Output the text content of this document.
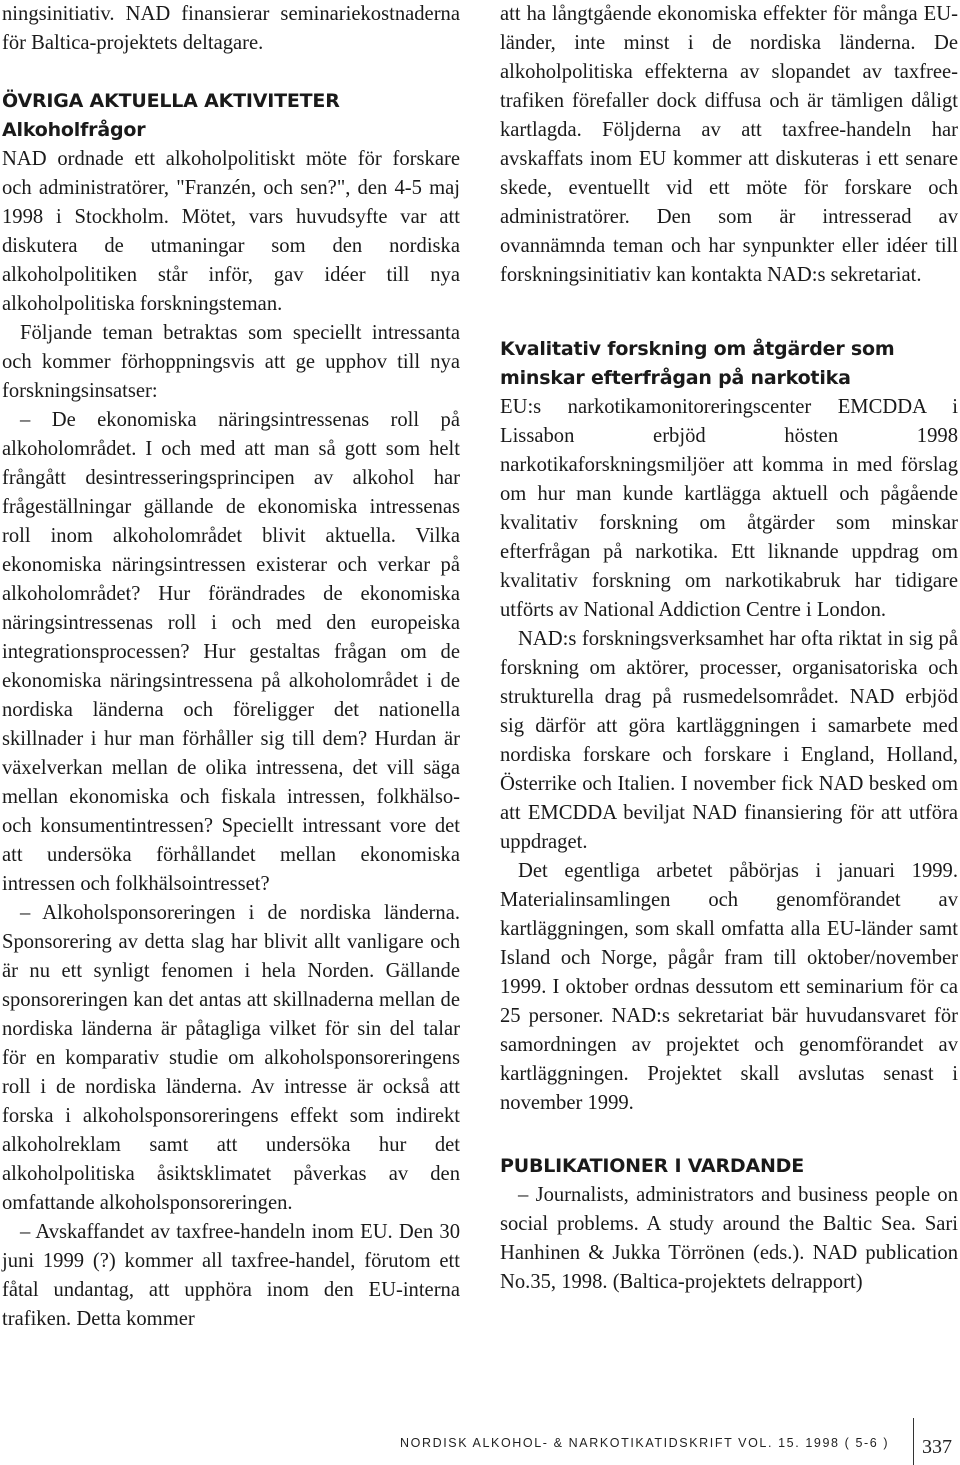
ningsinitiativ. NAD finansierar seminariekostnaderna för Baltica-projektets deltagare.

ÖVRIGA AKTUELLA AKTIVITETER

Alkoholfrågor

NAD ordnade ett alkoholpolitiskt möte för forskare och administratörer, "Franzén, och sen?", den 4-5 maj 1998 i Stockholm. Mötet, vars huvudsyfte var att diskutera de utmaningar som den nordiska alkoholpolitiken står inför, gav idéer till nya alkoholpolitiska forskningsteman.

Följande teman betraktas som speciellt intressanta och kommer förhoppningsvis att ge upphov till nya forskningsinsatser:

– De ekonomiska näringsintressenas roll på alkoholområdet. I och med att man så gott som helt frångått desintresseringsprincipen av alkohol har frågeställningar gällande de ekonomiska intressenas roll inom alkoholområdet blivit aktuella. Vilka ekonomiska näringsintressen existerar och verkar på alkoholområdet? Hur förändrades de ekonomiska näringsintressenas roll i och med den europeiska integrationsprocessen? Hur gestaltas frågan om de ekonomiska näringsintressena på alkoholområdet i de nordiska länderna och föreligger det nationella skillnader i hur man förhåller sig till dem? Hurdan är växelverkan mellan de olika intressena, det vill säga mellan ekonomiska och fiskala intressen, folkhälso- och konsumentintressen? Speciellt intressant vore det att undersöka förhållandet mellan ekonomiska intressen och folkhälsointresset?

– Alkoholsponsoreringen i de nordiska länderna. Sponsorering av detta slag har blivit allt vanligare och är nu ett synligt fenomen i hela Norden. Gällande sponsoreringen kan det antas att skillnaderna mellan de nordiska länderna är påtagliga vilket för sin del talar för en komparativ studie om alkoholsponsoreringens roll i de nordiska länderna. Av intresse är också att forska i alkoholsponsoreringens effekt som indirekt alkoholreklam samt att undersöka hur det alkoholpolitiska åsiktsklimatet påverkas av den omfattande alkoholsponsoreringen.

– Avskaffandet av taxfree-handeln inom EU. Den 30 juni 1999 (?) kommer all taxfree-handel, förutom ett fåtal undantag, att upphöra inom den EU-interna trafiken. Detta kommer

att ha långtgående ekonomiska effekter för många EU-länder, inte minst i de nordiska länderna. De alkoholpolitiska effekterna av slopandet av taxfree-trafiken förefaller dock diffusa och är tämligen dåligt kartlagda. Följderna av att taxfree-handeln har avskaffats inom EU kommer att diskuteras i ett senare skede, eventuellt vid ett möte för forskare och administratörer. Den som är intresserad av ovannämnda teman och har synpunkter eller idéer till forskningsinitiativ kan kontakta NAD:s sekretariat.

Kvalitativ forskning om åtgärder som minskar efterfrågan på narkotika

EU:s narkotikamonitoreringscenter EMCDDA i Lissabon erbjöd hösten 1998 narkotikaforskningsmiljöer att komma in med förslag om hur man kunde kartlägga aktuell och pågående kvalitativ forskning om åtgärder som minskar efterfrågan på narkotika. Ett liknande uppdrag om kvalitativ forskning om narkotikabruk har tidigare utförts av National Addiction Centre i London.

NAD:s forskningsverksamhet har ofta riktat in sig på forskning om aktörer, processer, organisatoriska och strukturella drag på rusmedelsområdet. NAD erbjöd sig därför att göra kartläggningen i samarbete med nordiska forskare och forskare i England, Holland, Österrike och Italien. I november fick NAD besked om att EMCDDA beviljat NAD finansiering för att utföra uppdraget.

Det egentliga arbetet påbörjas i januari 1999. Materialinsamlingen och genomförandet av kartläggningen, som skall omfatta alla EU-länder samt Island och Norge, pågår fram till oktober/november 1999. I oktober ordnas dessutom ett seminarium för ca 25 personer. NAD:s sekretariat bär huvudansvaret för samordningen av projektet och genomförandet av kartläggningen. Projektet skall avslutas senast i november 1999.

PUBLIKATIONER I VARDANDE

– Journalists, administrators and business people on social problems. A study around the Baltic Sea. Sari Hanhinen & Jukka Törrönen (eds.). NAD publication No.35, 1998. (Baltica-projektets delrapport)

NORDISK ALKOHOL- & NARKOTIKATIDSKRIFT VOL. 15. 1998 ( 5-6 ) 337
